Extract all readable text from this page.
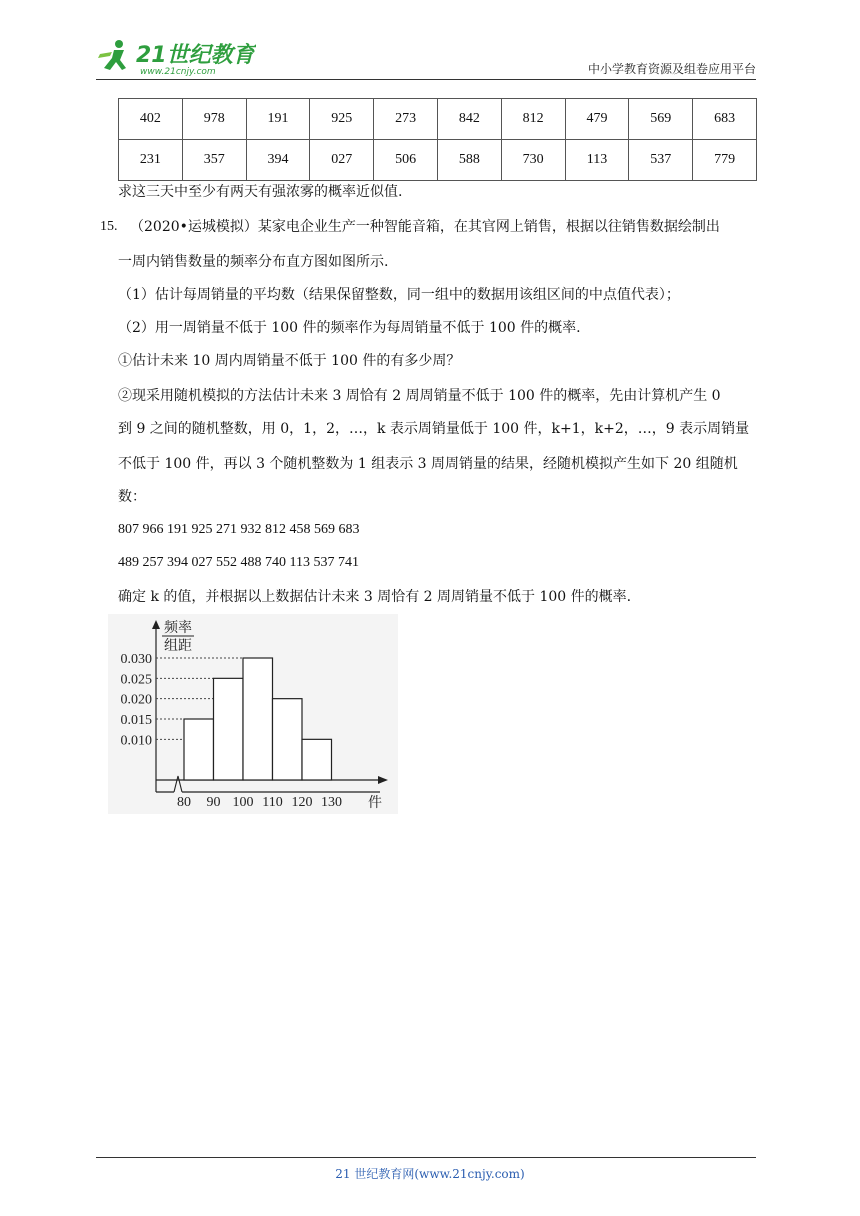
21世纪教育
www.21cnjy.com	中小学教育资源及组卷应用平台
402	978	191	925	273	842	812	479	569	683
231	357	394	027	506	588	730	113	537	779
求这三天中至少有两天有强浓雾的概率近似值.
15. （2020•运城模拟）某家电企业生产一种智能音箱，在其官网上销售，根据以往销售数据绘制出
一周内销售数量的频率分布直方图如图所示.
（1）估计每周销量的平均数（结果保留整数，同一组中的数据用该组区间的中点值代表）；
（2）用一周销量不低于 100 件的频率作为每周销量不低于 100 件的概率.
①估计未来 10 周内周销量不低于 100 件的有多少周？
②现采用随机模拟的方法估计未来 3 周恰有 2 周周销量不低于 100 件的概率，先由计算机产生 0
到 9 之间的随机整数，用 0，1，2，…，k 表示周销量低于 100 件，k+1，k+2，…，9 表示周销量
不低于 100 件，再以 3 个随机整数为 1 组表示 3 周周销量的结果，经随机模拟产生如下 20 组随机
数：
807 966 191 925 271 932 812 458 569 683
489 257 394 027 552 488 740 113 537 741
确定 k 的值，并根据以上数据估计未来 3 周恰有 2 周周销量不低于 100 件的概率.
频率
组距
件
0.030
0.025
0.020
0.015
0.010
80 90 100 110 120 130
21 世纪教育网(www.21cnjy.com)
